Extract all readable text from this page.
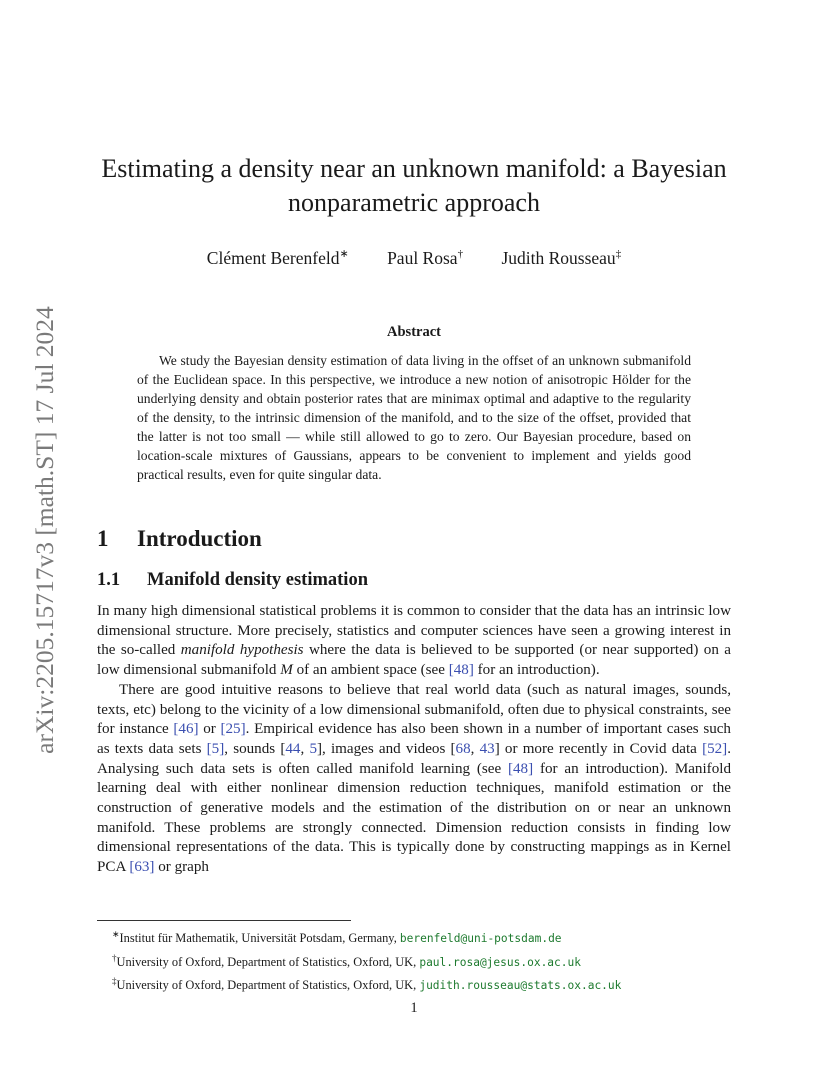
arXiv:2205.15717v3 [math.ST] 17 Jul 2024
Estimating a density near an unknown manifold: a Bayesian nonparametric approach
Clément Berenfeld∗ Paul Rosa† Judith Rousseau‡
Abstract

We study the Bayesian density estimation of data living in the offset of an unknown submanifold of the Euclidean space. In this perspective, we introduce a new notion of anisotropic Hölder for the underlying density and obtain posterior rates that are minimax optimal and adaptive to the regularity of the density, to the intrinsic dimension of the manifold, and to the size of the offset, provided that the latter is not too small — while still allowed to go to zero. Our Bayesian procedure, based on location-scale mixtures of Gaussians, appears to be convenient to implement and yields good practical results, even for quite singular data.

1 Introduction
1.1 Manifold density estimation

In many high dimensional statistical problems it is common to consider that the data has an intrinsic low dimensional structure. More precisely, statistics and computer sciences have seen a growing interest in the so-called manifold hypothesis where the data is believed to be supported (or near supported) on a low dimensional submanifold M of an ambient space (see [48] for an introduction).

There are good intuitive reasons to believe that real world data (such as natural images, sounds, texts, etc) belong to the vicinity of a low dimensional submanifold, often due to physical constraints, see for instance [46] or [25]. Empirical evidence has also been shown in a number of important cases such as texts data sets [5], sounds [44, 5], images and videos [68, 43] or more recently in Covid data [52]. Analysing such data sets is often called manifold learning (see [48] for an introduction). Manifold learning deal with either nonlinear dimension reduction techniques, manifold estimation or the construction of generative models and the estimation of the distribution on or near an unknown manifold. These problems are strongly connected. Dimension reduction consists in finding low dimensional representations of the data. This is typically done by constructing mappings as in Kernel PCA [63] or graph

∗Institut für Mathematik, Universität Potsdam, Germany, berenfeld@uni-potsdam.de
†University of Oxford, Department of Statistics, Oxford, UK, paul.rosa@jesus.ox.ac.uk
‡University of Oxford, Department of Statistics, Oxford, UK, judith.rousseau@stats.ox.ac.uk
1
